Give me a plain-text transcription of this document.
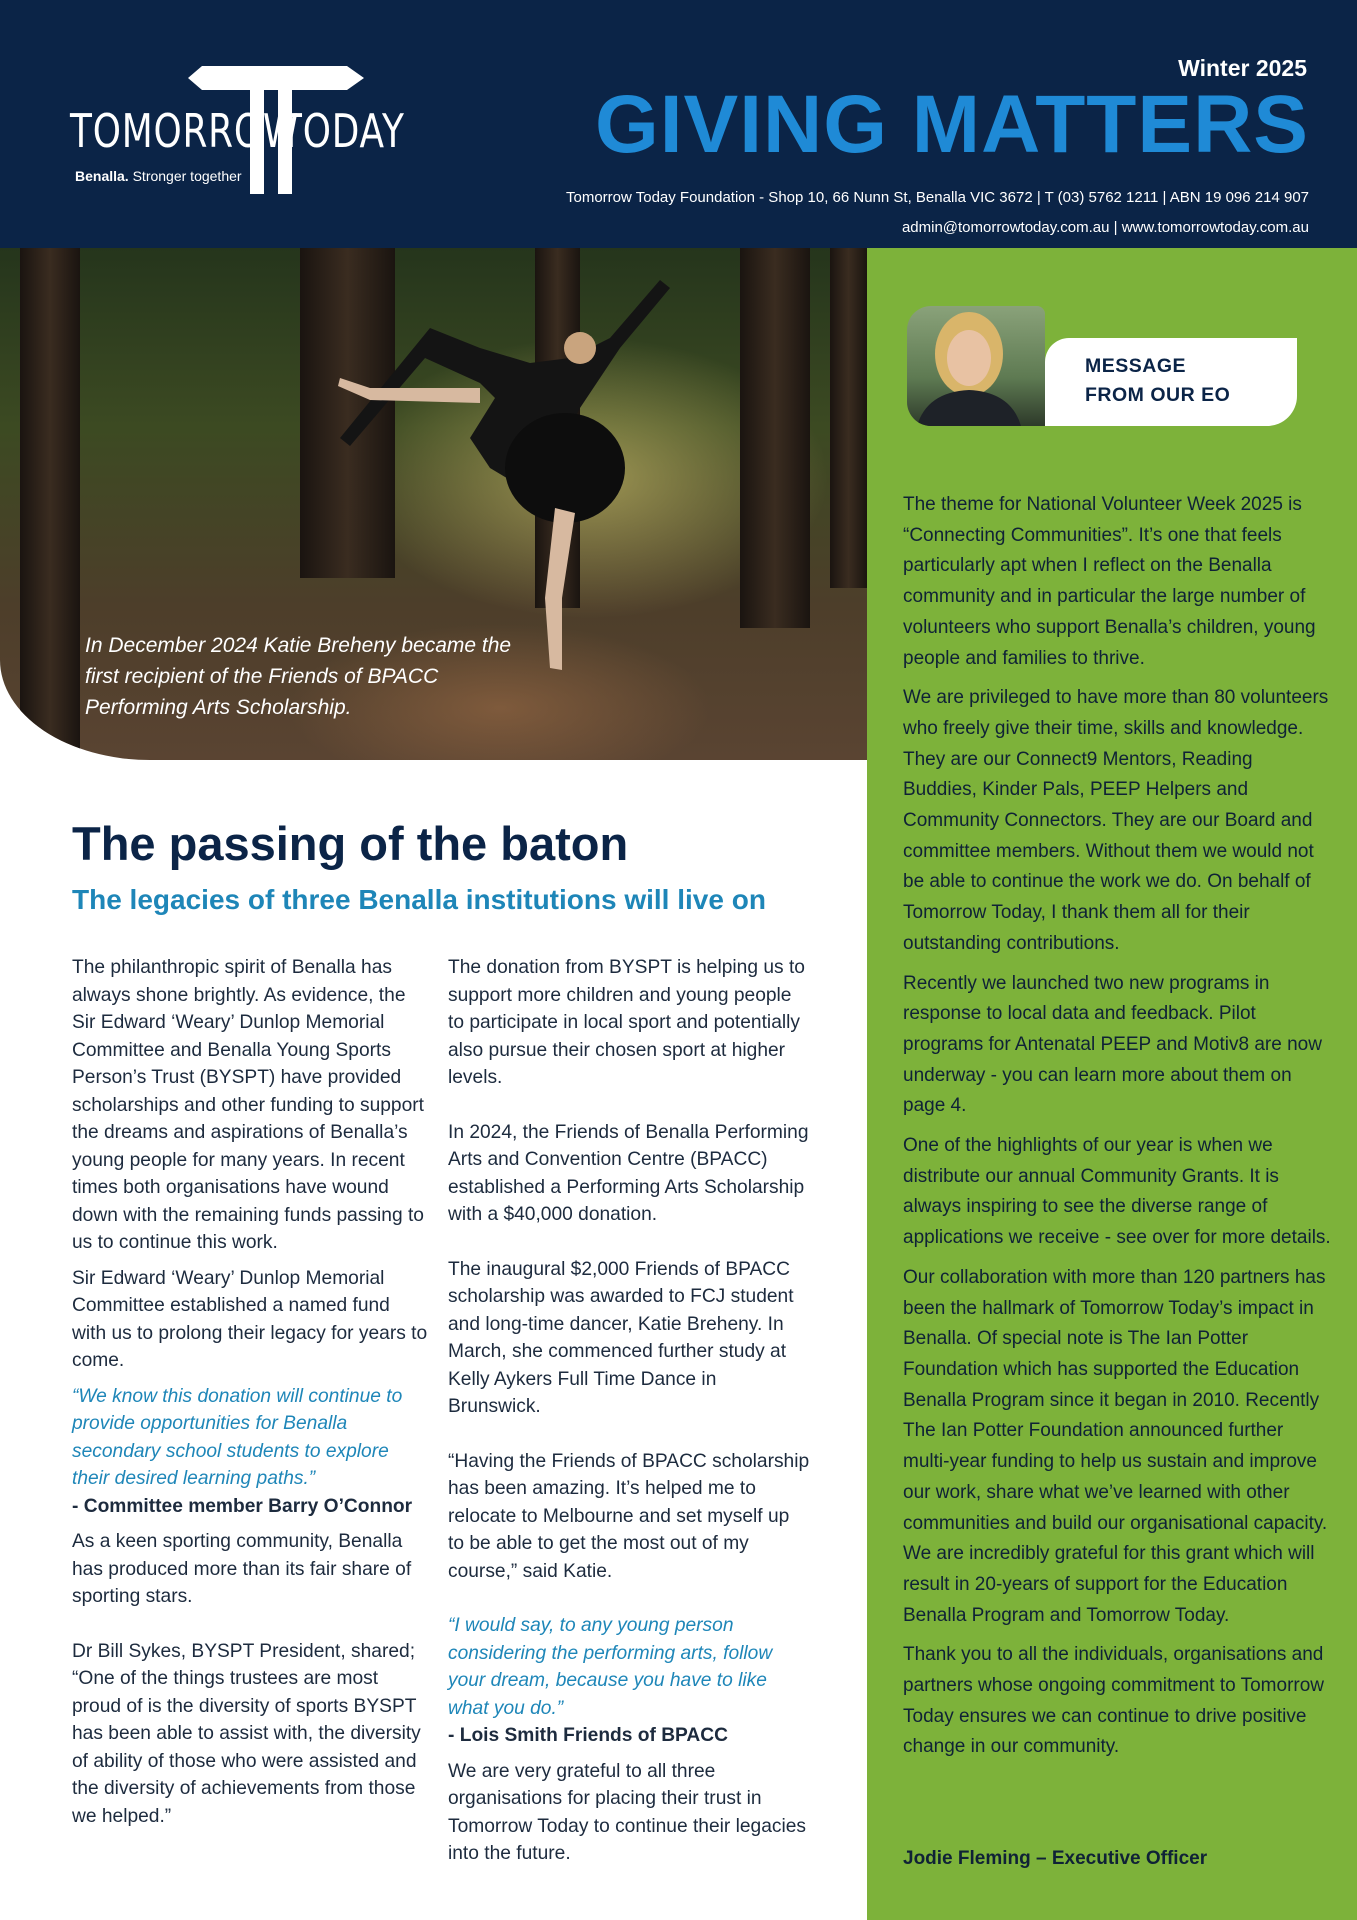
TOMORROW
TODAY
Benalla. Stronger together
Winter 2025
GIVING MATTERS
Tomorrow Today Foundation - Shop 10, 66 Nunn St, Benalla VIC 3672 | T (03) 5762 1211 | ABN 19 096 214 907
admin@tomorrowtoday.com.au | www.tomorrowtoday.com.au
In December 2024 Katie Breheny became the first recipient of the Friends of BPACC Performing Arts Scholarship.
The passing of the baton
The legacies of three Benalla institutions will live on

The philanthropic spirit of Benalla has always shone brightly. As evidence, the Sir Edward ‘Weary’ Dunlop Memorial Committee and Benalla Young Sports Person’s Trust (BYSPT) have provided scholarships and other funding to support the dreams and aspirations of Benalla’s young people for many years. In recent times both organisations have wound down with the remaining funds passing to us to continue this work.

Sir Edward ‘Weary’ Dunlop Memorial Committee established a named fund with us to prolong their legacy for years to come.

“We know this donation will continue to provide opportunities for Benalla secondary school students to explore their desired learning paths.”

- Committee member Barry O’Connor

As a keen sporting community, Benalla has produced more than its fair share of sporting stars.

Dr Bill Sykes, BYSPT President, shared; “One of the things trustees are most proud of is the diversity of sports BYSPT has been able to assist with, the diversity of ability of those who were assisted and the diversity of achievements from those we helped.”

The donation from BYSPT is helping us to support more children and young people to participate in local sport and potentially also pursue their chosen sport at higher levels.

In 2024, the Friends of Benalla Performing Arts and Convention Centre (BPACC) established a Performing Arts Scholarship with a $40,000 donation.

The inaugural $2,000 Friends of BPACC scholarship was awarded to FCJ student and long-time dancer, Katie Breheny. In March, she commenced further study at Kelly Aykers Full Time Dance in Brunswick.

“Having the Friends of BPACC scholarship has been amazing. It’s helped me to relocate to Melbourne and set myself up to be able to get the most out of my course,” said Katie.

“I would say, to any young person considering the performing arts, follow your dream, because you have to like what you do.”

- Lois Smith Friends of BPACC

We are very grateful to all three organisations for placing their trust in Tomorrow Today to continue their legacies into the future.

MESSAGE
FROM OUR EO

The theme for National Volunteer Week 2025 is “Connecting Communities”. It’s one that feels particularly apt when I reflect on the Benalla community and in particular the large number of volunteers who support Benalla’s children, young people and families to thrive.

We are privileged to have more than 80 volunteers who freely give their time, skills and knowledge. They are our Connect9 Mentors, Reading Buddies, Kinder Pals, PEEP Helpers and Community Connectors. They are our Board and committee members. Without them we would not be able to continue the work we do. On behalf of Tomorrow Today, I thank them all for their outstanding contributions.

Recently we launched two new programs in response to local data and feedback. Pilot programs for Antenatal PEEP and Motiv8 are now underway - you can learn more about them on page 4.

One of the highlights of our year is when we distribute our annual Community Grants. It is always inspiring to see the diverse range of applications we receive - see over for more details.

Our collaboration with more than 120 partners has been the hallmark of Tomorrow Today’s impact in Benalla. Of special note is The Ian Potter Foundation which has supported the Education Benalla Program since it began in 2010. Recently The Ian Potter Foundation announced further multi-year funding to help us sustain and improve our work, share what we’ve learned with other communities and build our organisational capacity. We are incredibly grateful for this grant which will result in 20-years of support for the Education Benalla Program and Tomorrow Today.

Thank you to all the individuals, organisations and partners whose ongoing commitment to Tomorrow Today ensures we can continue to drive positive change in our community.

Jodie Fleming – Executive Officer
